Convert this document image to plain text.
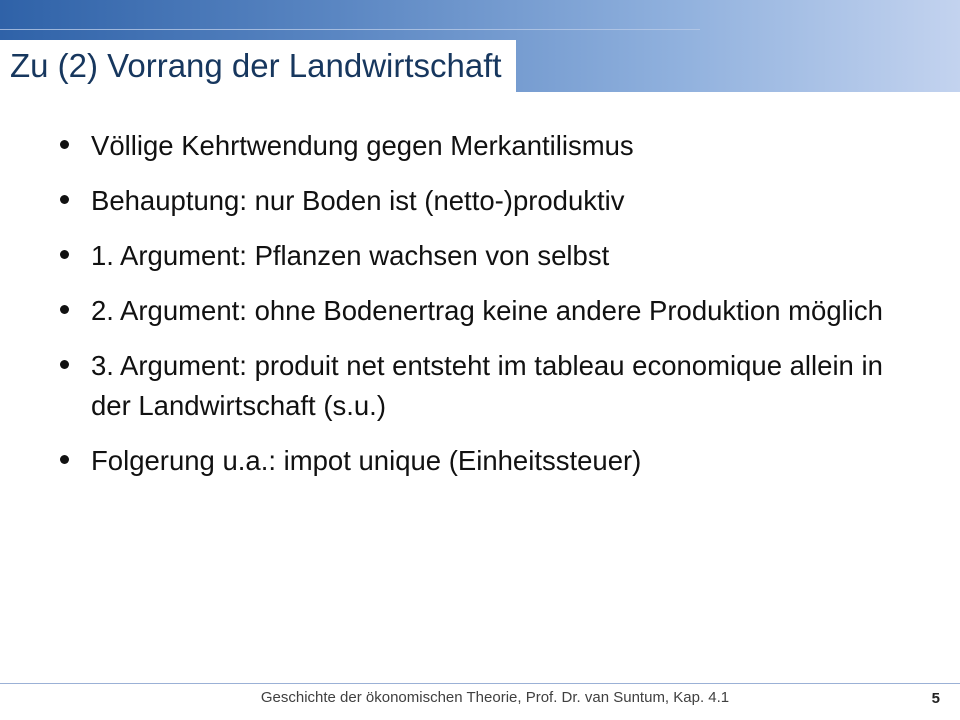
Zu (2) Vorrang der Landwirtschaft
Völlige Kehrtwendung gegen Merkantilismus
Behauptung: nur Boden ist (netto-)produktiv
1. Argument: Pflanzen wachsen von selbst
2. Argument: ohne Bodenertrag keine andere Produktion möglich
3. Argument: produit net entsteht im tableau economique allein in der Landwirtschaft (s.u.)
Folgerung u.a.: impot unique (Einheitssteuer)
Geschichte der ökonomischen Theorie, Prof. Dr. van Suntum, Kap. 4.1	5
